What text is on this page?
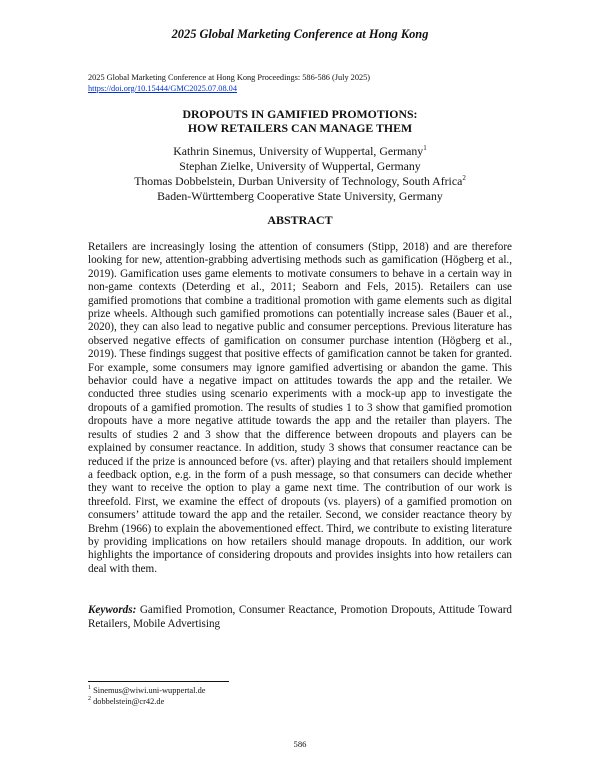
2025 Global Marketing Conference at Hong Kong
2025 Global Marketing Conference at Hong Kong Proceedings: 586-586 (July 2025)
https://doi.org/10.15444/GMC2025.07.08.04
DROPOUTS IN GAMIFIED PROMOTIONS:
HOW RETAILERS CAN MANAGE THEM
Kathrin Sinemus, University of Wuppertal, Germany$^1$
Stephan Zielke, University of Wuppertal, Germany
Thomas Dobbelstein, Durban University of Technology, South Africa$^2$
Baden-Württemberg Cooperative State University, Germany
ABSTRACT

Retailers are increasingly losing the attention of consumers (Stipp, 2018) and are therefore looking for new, attention-grabbing advertising methods such as gamification (Högberg et al., 2019). Gamification uses game elements to motivate consumers to behave in a certain way in non-game contexts (Deterding et al., 2011; Seaborn and Fels, 2015). Retailers can use gamified promotions that combine a traditional promotion with game elements such as digital prize wheels. Although such gamified promotions can potentially increase sales (Bauer et al., 2020), they can also lead to negative public and consumer perceptions. Previous literature has observed negative effects of gamification on consumer purchase intention (Högberg et al., 2019). These findings suggest that positive effects of gamification cannot be taken for granted. For example, some consumers may ignore gamified advertising or abandon the game. This behavior could have a negative impact on attitudes towards the app and the retailer. We conducted three studies using scenario experiments with a mock-up app to investigate the dropouts of a gamified promotion. The results of studies 1 to 3 show that gamified promotion dropouts have a more negative attitude towards the app and the retailer than players. The results of studies 2 and 3 show that the difference between dropouts and players can be explained by consumer reactance. In addition, study 3 shows that consumer reactance can be reduced if the prize is announced before (vs. after) playing and that retailers should implement a feedback option, e.g. in the form of a push message, so that consumers can decide whether they want to receive the option to play a game next time. The contribution of our work is threefold. First, we examine the effect of dropouts (vs. players) of a gamified promotion on consumers’ attitude toward the app and the retailer. Second, we consider reactance theory by Brehm (1966) to explain the abovementioned effect. Third, we contribute to existing literature by providing implications on how retailers should manage dropouts. In addition, our work highlights the importance of considering dropouts and provides insights into how retailers can deal with them.

Keywords: Gamified Promotion, Consumer Reactance, Promotion Dropouts, Attitude Toward Retailers, Mobile Advertising

$^1$ Sinemus@wiwi.uni-wuppertal.de
$^2$ dobbelstein@cr42.de
586
